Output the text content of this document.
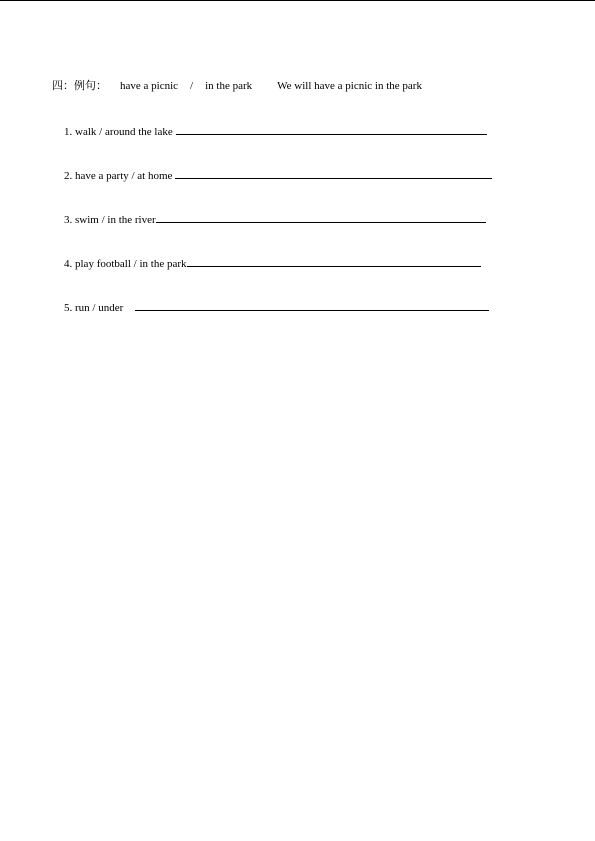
四：例句： have a picnic / in the park We will have a picnic in the park
1. walk / around the lake
2. have a party / at home
3. swim / in the river
4. play football / in the park
5. run / under
